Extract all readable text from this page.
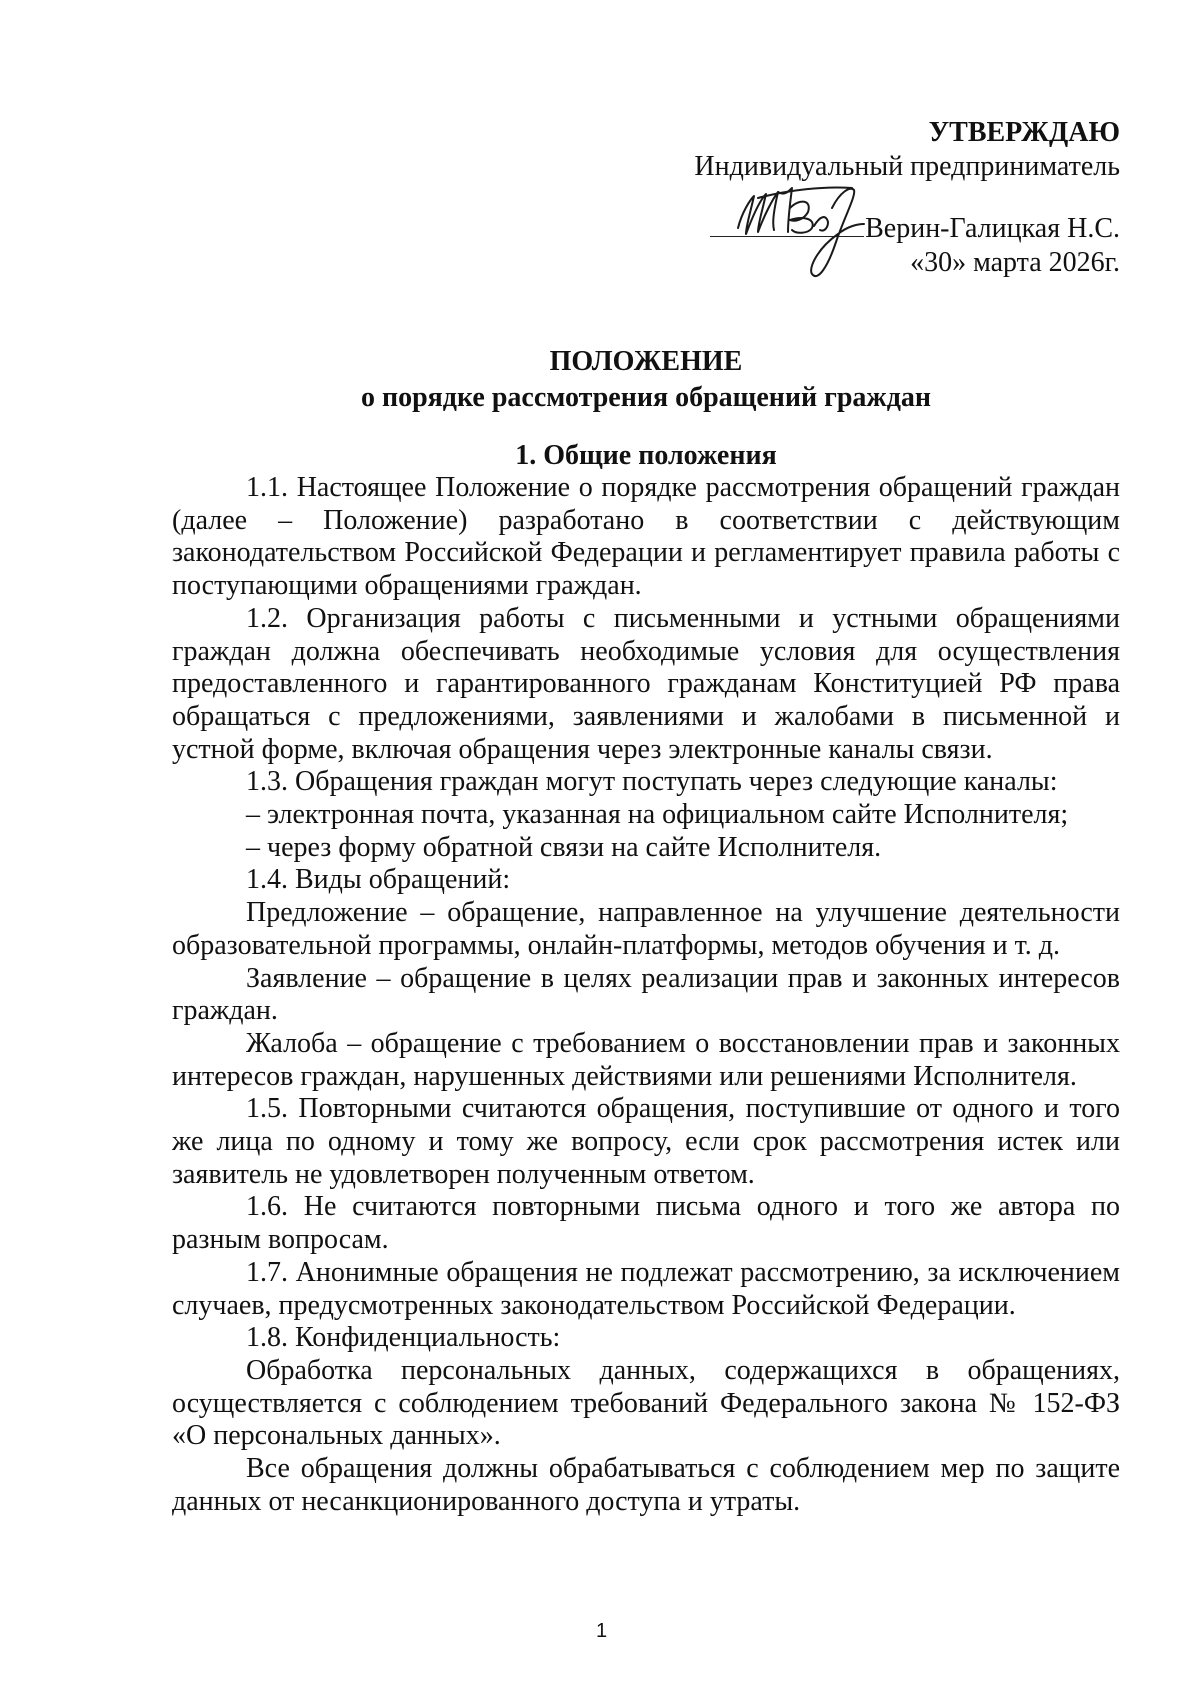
УТВЕРЖДАЮ
Индивидуальный предприниматель
Верин-Галицкая Н.С.
«30» марта 2026г.
ПОЛОЖЕНИЕ
о порядке рассмотрения обращений граждан
1. Общие положения

1.1. Настоящее Положение о порядке рассмотрения обращений граждан (далее – Положение) разработано в соответствии с действующим законодательством Российской Федерации и регламентирует правила работы с поступающими обращениями граждан.

1.2. Организация работы с письменными и устными обращениями граждан должна обеспечивать необходимые условия для осуществления предоставленного и гарантированного гражданам Конституцией РФ права обращаться с предложениями, заявлениями и жалобами в письменной и устной форме, включая обращения через электронные каналы связи.

1.3. Обращения граждан могут поступать через следующие каналы:

– электронная почта, указанная на официальном сайте Исполнителя;

– через форму обратной связи на сайте Исполнителя.

1.4. Виды обращений:

Предложение – обращение, направленное на улучшение деятельности образовательной программы, онлайн-платформы, методов обучения и т. д.

Заявление – обращение в целях реализации прав и законных интересов граждан.

Жалоба – обращение с требованием о восстановлении прав и законных интересов граждан, нарушенных действиями или решениями Исполнителя.

1.5. Повторными считаются обращения, поступившие от одного и того же лица по одному и тому же вопросу, если срок рассмотрения истек или заявитель не удовлетворен полученным ответом.

1.6. Не считаются повторными письма одного и того же автора по разным вопросам.

1.7. Анонимные обращения не подлежат рассмотрению, за исключением случаев, предусмотренных законодательством Российской Федерации.

1.8. Конфиденциальность:

Обработка персональных данных, содержащихся в обращениях, осуществляется с соблюдением требований Федерального закона № 152-ФЗ «О персональных данных».

Все обращения должны обрабатываться с соблюдением мер по защите данных от несанкционированного доступа и утраты.

1
